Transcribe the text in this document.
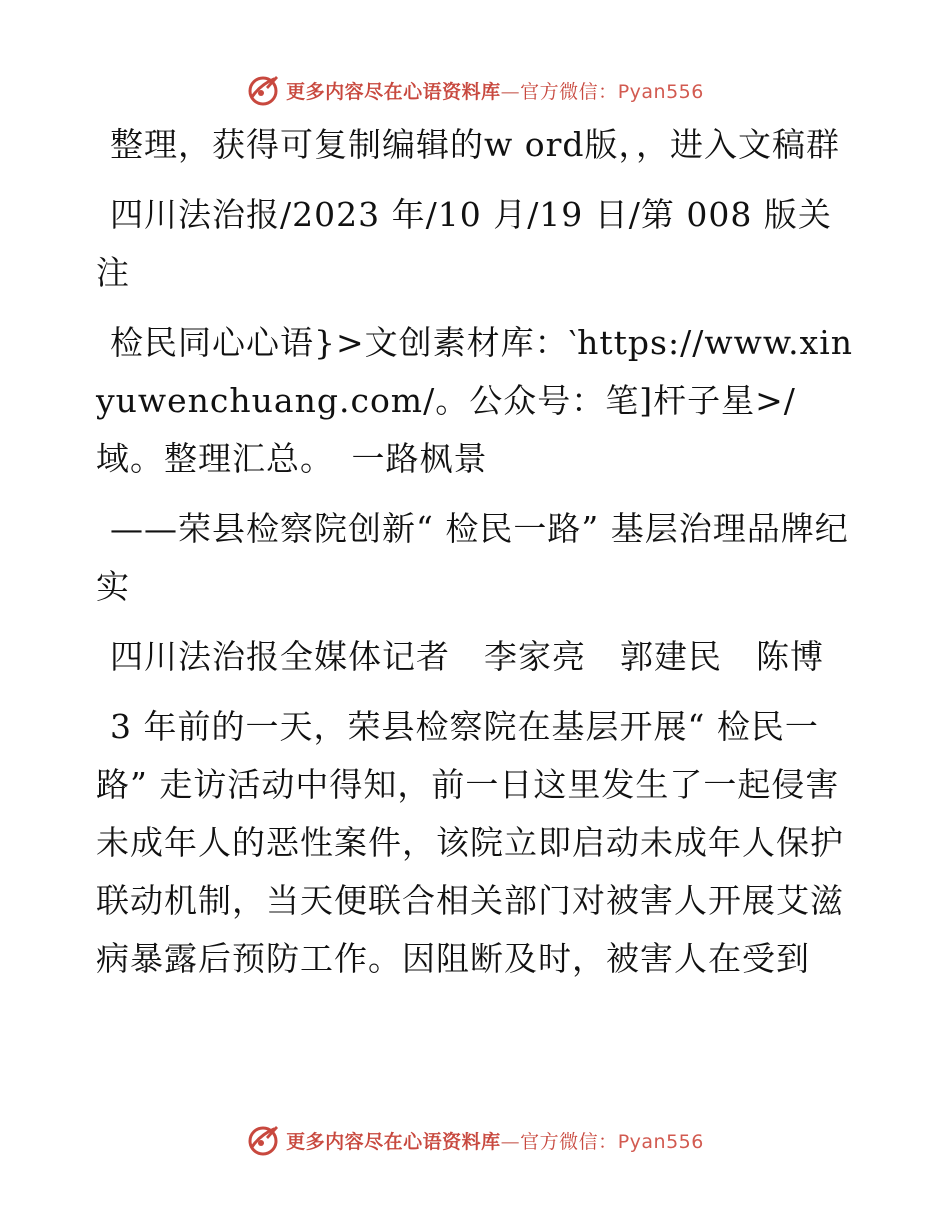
更多内容尽在心语资料库—官方微信：Pyan556

整理，获得可复制编辑的w ord版，，进入文稿群

四川法治报/2023 年/10 月/19 日/第 008 版关注

检民同心心语}>文创素材库：‵https://www.xinyuwenchuang.com/。公众号：笔]杆子星>/域。整理汇总。　一路枫景

——荣县检察院创新“ 检民一路” 基层治理品牌纪实

四川法治报全媒体记者　李家亮　郭建民　陈博

3 年前的一天，荣县检察院在基层开展“ 检民一路” 走访活动中得知，前一日这里发生了一起侵害未成年人的恶性案件，该院立即启动未成年人保护联动机制，当天便联合相关部门对被害人开展艾滋病暴露后预防工作。因阻断及时，被害人在受到

更多内容尽在心语资料库—官方微信：Pyan556
